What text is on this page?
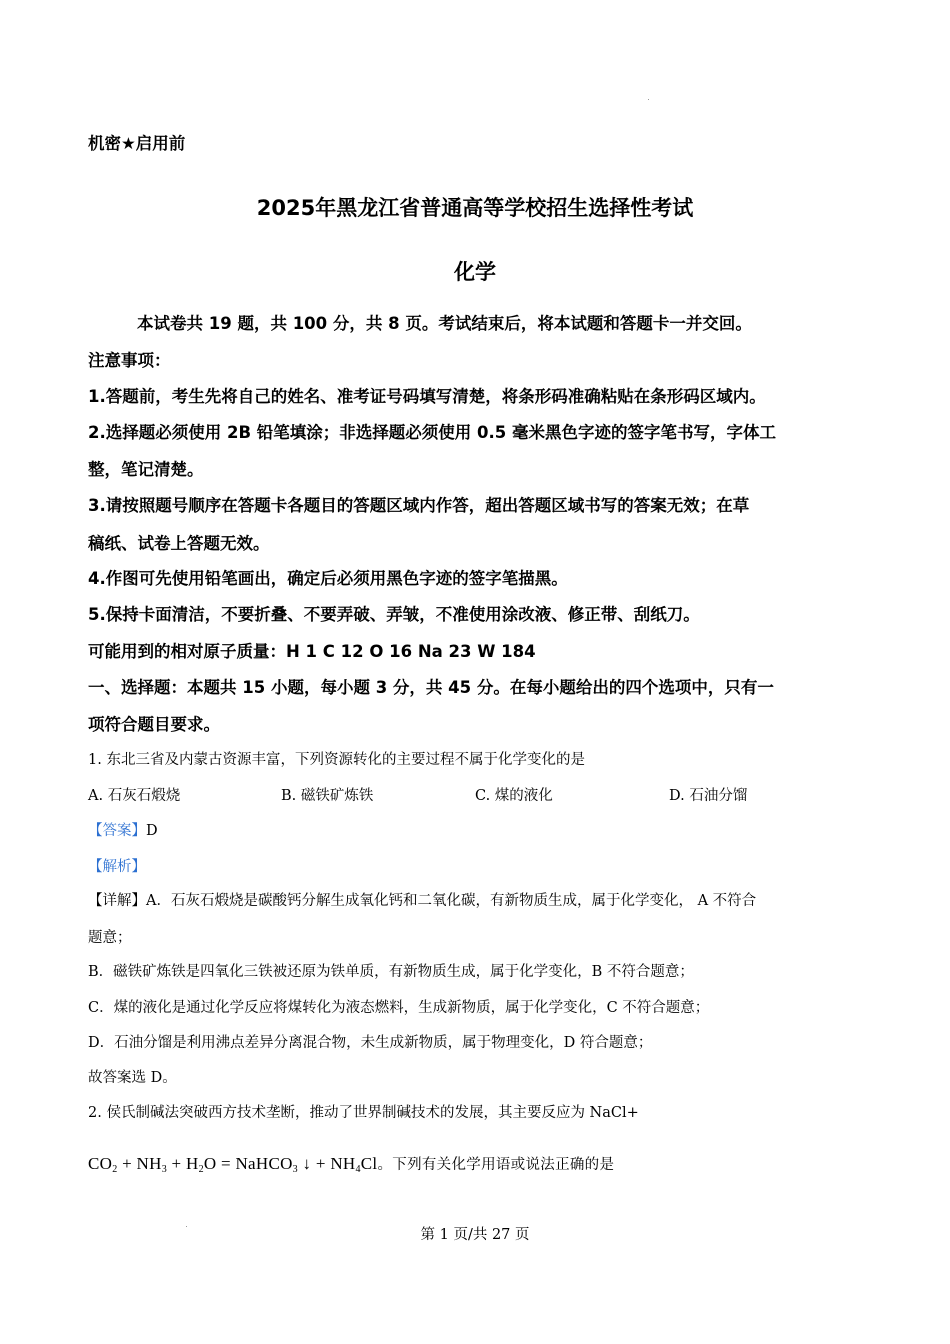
机密★启用前
2025年黑龙江省普通高等学校招生选择性考试
化学
本试卷共 19 题，共 100 分，共 8 页。考试结束后，将本试题和答题卡一并交回。
注意事项：
1.答题前，考生先将自己的姓名、准考证号码填写清楚，将条形码准确粘贴在条形码区域内。
2.选择题必须使用 2B 铅笔填涂；非选择题必须使用 0.5 毫米黑色字迹的签字笔书写，字体工
整，笔记清楚。
3.请按照题号顺序在答题卡各题目的答题区域内作答，超出答题区域书写的答案无效；在草
稿纸、试卷上答题无效。
4.作图可先使用铅笔画出，确定后必须用黑色字迹的签字笔描黑。
5.保持卡面清洁，不要折叠、不要弄破、弄皱，不准使用涂改液、修正带、刮纸刀。
可能用到的相对原子质量：H 1 C 12 O 16 Na 23 W 184
一、选择题：本题共 15 小题，每小题 3 分，共 45 分。在每小题给出的四个选项中，只有一
项符合题目要求。
1. 东北三省及内蒙古资源丰富，下列资源转化的主要过程不属于化学变化的是
A. 石灰石煅烧	B. 磁铁矿炼铁	C. 煤的液化	D. 石油分馏
【答案】D
【解析】
【详解】A．石灰石煅烧是碳酸钙分解生成氧化钙和二氧化碳，有新物质生成，属于化学变化， A 不符合
题意；
B．磁铁矿炼铁是四氧化三铁被还原为铁单质，有新物质生成，属于化学变化，B 不符合题意；
C．煤的液化是通过化学反应将煤转化为液态燃料，生成新物质，属于化学变化，C 不符合题意；
D．石油分馏是利用沸点差异分离混合物，未生成新物质，属于物理变化，D 符合题意；
故答案选 D。
2. 侯氏制碱法突破西方技术垄断，推动了世界制碱技术的发展，其主要反应为 NaCl+
$CO_2 + NH_3 + H_2O$ = NaHCO$_3$ ↓ + $NH_4Cl$。下列有关化学用语或说法正确的是
第 1 页/共 27 页
